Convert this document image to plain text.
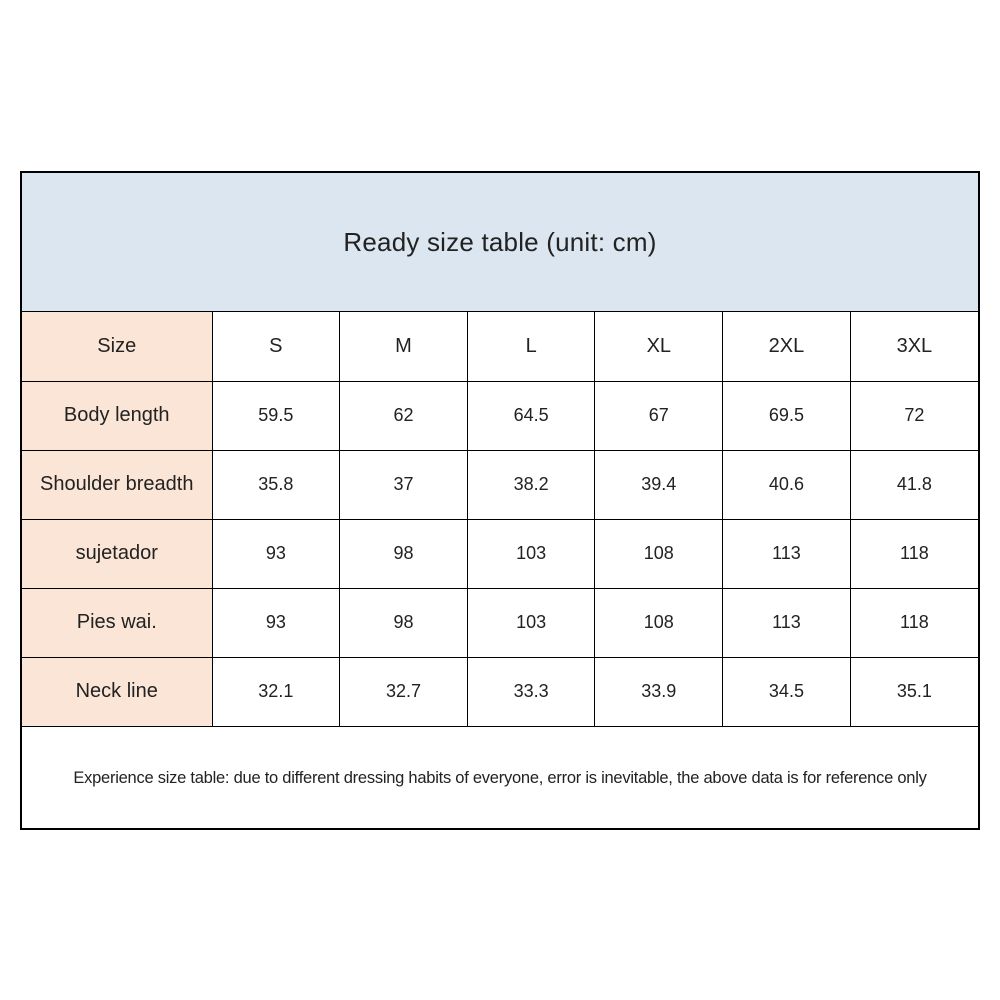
Ready size table (unit: cm)
Size	S	M	L	XL	2XL	3XL
Body length	59.5	62	64.5	67	69.5	72
Shoulder breadth	35.8	37	38.2	39.4	40.6	41.8
sujetador	93	98	103	108	113	118
Pies wai.	93	98	103	108	113	118
Neck line	32.1	32.7	33.3	33.9	34.5	35.1
Experience size table: due to different dressing habits of everyone, error is inevitable, the above data is for reference only
